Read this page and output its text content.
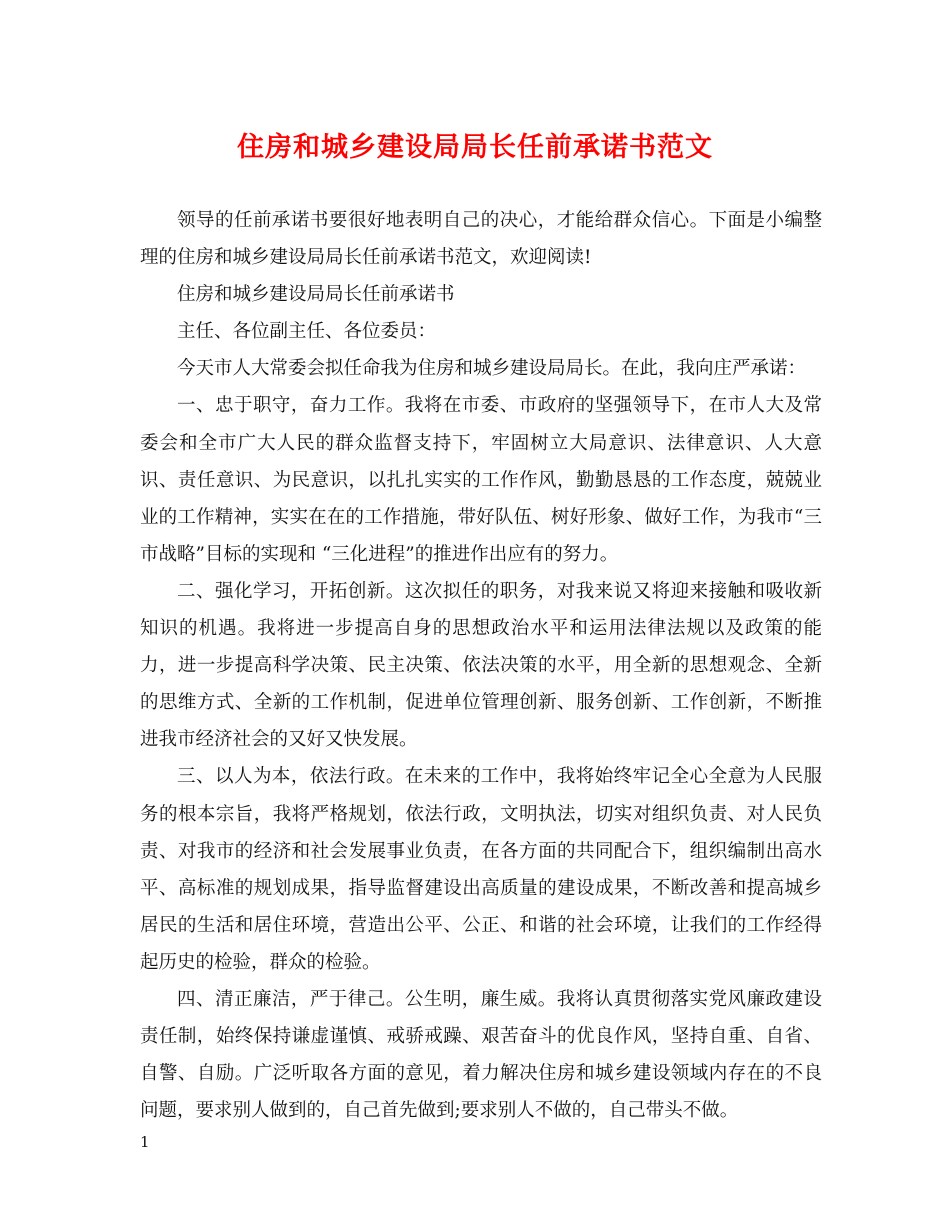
住房和城乡建设局局长任前承诺书范文

领导的任前承诺书要很好地表明自己的决心，才能给群众信心。下面是小编整理的住房和城乡建设局局长任前承诺书范文，欢迎阅读!

住房和城乡建设局局长任前承诺书

主任、各位副主任、各位委员：

今天市人大常委会拟任命我为住房和城乡建设局局长。在此，我向庄严承诺：

一、忠于职守，奋力工作。我将在市委、市政府的坚强领导下，在市人大及常委会和全市广大人民的群众监督支持下，牢固树立大局意识、法律意识、人大意识、责任意识、为民意识，以扎扎实实的工作作风，勤勤恳恳的工作态度，兢兢业业的工作精神，实实在在的工作措施，带好队伍、树好形象、做好工作，为我市“三市战略”目标的实现和 “三化进程”的推进作出应有的努力。

二、强化学习，开拓创新。这次拟任的职务，对我来说又将迎来接触和吸收新知识的机遇。我将进一步提高自身的思想政治水平和运用法律法规以及政策的能力，进一步提高科学决策、民主决策、依法决策的水平，用全新的思想观念、全新的思维方式、全新的工作机制，促进单位管理创新、服务创新、工作创新，不断推进我市经济社会的又好又快发展。

三、以人为本，依法行政。在未来的工作中，我将始终牢记全心全意为人民服务的根本宗旨，我将严格规划，依法行政，文明执法，切实对组织负责、对人民负责、对我市的经济和社会发展事业负责，在各方面的共同配合下，组织编制出高水平、高标准的规划成果，指导监督建设出高质量的建设成果，不断改善和提高城乡居民的生活和居住环境，营造出公平、公正、和谐的社会环境，让我们的工作经得起历史的检验，群众的检验。

四、清正廉洁，严于律己。公生明，廉生威。我将认真贯彻落实党风廉政建设责任制，始终保持谦虚谨慎、戒骄戒躁、艰苦奋斗的优良作风，坚持自重、自省、自警、自励。广泛听取各方面的意见，着力解决住房和城乡建设领域内存在的不良问题，要求别人做到的，自己首先做到;要求别人不做的，自己带头不做。

1
